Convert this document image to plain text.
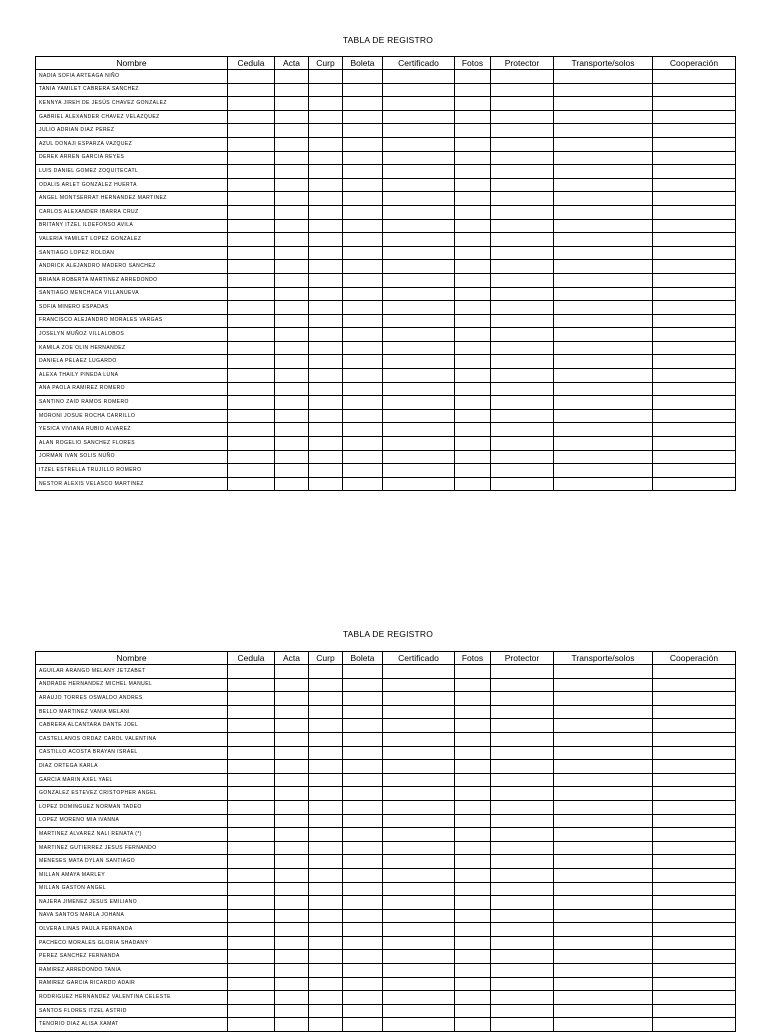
TABLA DE REGISTRO
Nombre	Cedula	Acta	Curp	Boleta	Certificado	Fotos	Protector	Transporte/solos	Cooperación
NADIA SOFIA ARTEAGA NIÑO									
TANIA YAMILET CABRERA SANCHEZ									
KENNYA JIREH DE JESÚS CHAVEZ GONZALEZ									
GABRIEL ALEXANDER CHAVEZ VELAZQUEZ									
JULIO ADRIAN DIAZ PEREZ									
AZUL DONAJI ESPARZA VAZQUEZ									
DEREK ARREN GARCIA REYES									
LUIS DANIEL GOMEZ ZOQUITECATL									
ODALIS ARLET GONZALEZ HUERTA									
ANGEL MONTSERRAT HERNANDEZ MARTINEZ									
CARLOS ALEXANDER IBARRA CRUZ									
BRITANY ITZEL ILDEFONSO AVILA									
VALERIA YAMILET LOPEZ GONZALEZ									
SANTIAGO LOPEZ ROLDAN									
ANDRICK ALEJANDRO MADERO SANCHEZ									
BRIANA ROBERTA MARTINEZ ARREDONDO									
SANTIAGO MENCHACA VILLANUEVA									
SOFIA MINERO ESPADAS									
FRANCISCO ALEJANDRO MORALES VARGAS									
JOSELYN MUÑOZ VILLALOBOS									
KAMILA ZOE OLIN HERNANDEZ									
DANIELA PELAEZ LUGARDO									
ALEXA THAILY PINEDA LUNA									
ANA PAOLA RAMIREZ ROMERO									
SANTINO ZAID RAMOS ROMERO									
MORONI JOSUE ROCHA CARRILLO									
YESICA VIVIANA RUBIO ALVAREZ									
ALAN ROGELIO SANCHEZ FLORES									
JORMAN IVAN SOLIS NUÑO									
ITZEL ESTRELLA TRUJILLO ROMERO									
NESTOR ALEXIS VELASCO MARTINEZ									
TABLA DE REGISTRO
Nombre	Cedula	Acta	Curp	Boleta	Certificado	Fotos	Protector	Transporte/solos	Cooperación
AGUILAR ARANGO MELANY JETZABET									
ANDRADE HERNANDEZ MICHEL MANUEL									
ARAUJO TORRES OSWALDO ANDRES									
BELLO MARTINEZ VANIA MELANI									
CABRERA ALCANTARA DANTE JOEL									
CASTELLANOS ORDAZ CAROL VALENTINA									
CASTILLO ACOSTA BRAYAN ISRAEL									
DIAZ ORTEGA KARLA									
GARCIA MARIN AXEL YAEL									
GONZALEZ ESTEVEZ CRISTOPHER ANGEL									
LOPEZ DOMINGUEZ NORMAN TADEO									
LOPEZ MORENO MIA IVANNA									
MARTINEZ ALVAREZ NALI RENATA (*)									
MARTINEZ GUTIERREZ JESUS FERNANDO									
MENESES MATA DYLAN SANTIAGO									
MILLAN AMAYA MARLEY									
MILLAN GASTON ANGEL									
NAJERA JIMENEZ JESUS EMILIANO									
NAVA SANTOS MARLA JOHANA									
OLVERA LINAS PAULA FERNANDA									
PACHECO MORALES GLORIA SHADANY									
PEREZ SANCHEZ FERNANDA									
RAMIREZ ARREDONDO TANIA									
RAMIREZ GARCIA RICARDO ADAIR									
RODRIGUEZ HERNANDEZ VALENTINA CELESTE									
SANTOS FLORES ITZEL ASTRID									
TENORIO DIAZ ALISA XAMAT									
